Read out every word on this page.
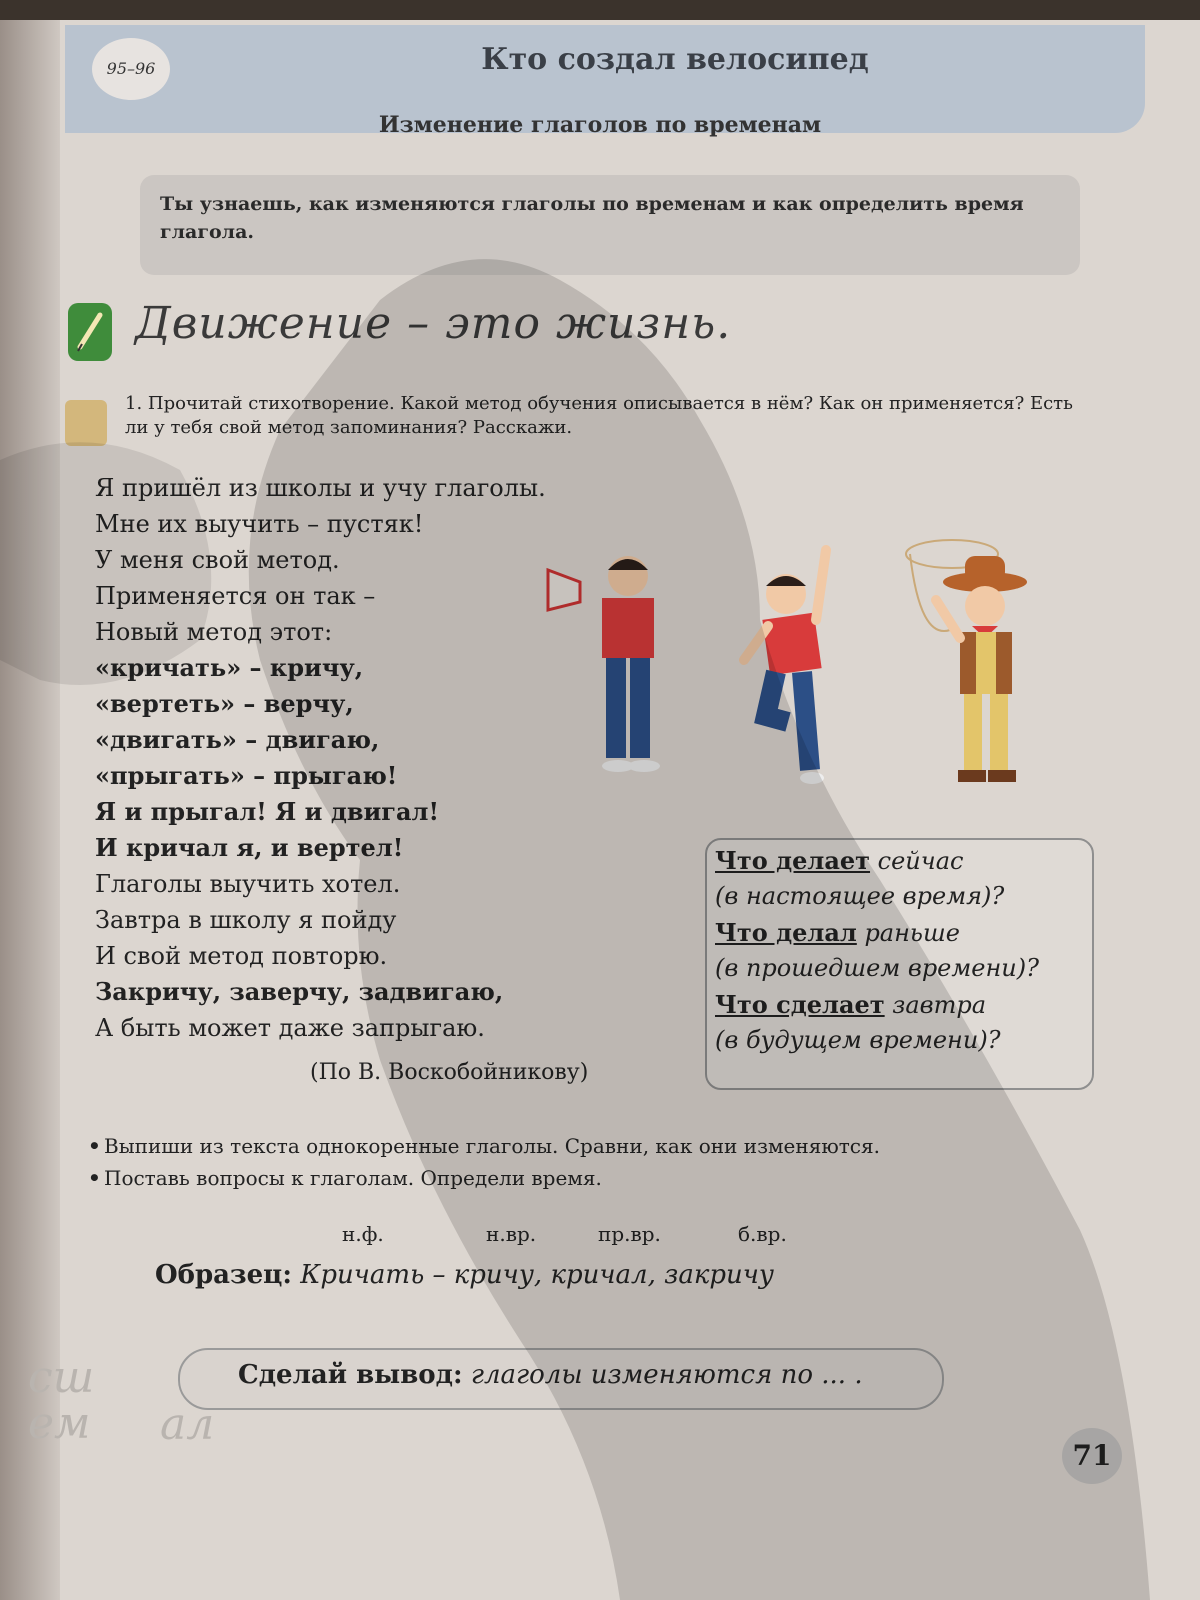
95–96	Кто создал велосипед
Изменение глаголов по временам
Ты узнаешь, как изменяются глаголы по временам и как определить время глагола.
Движение – это жизнь.
1. Прочитай стихотворение. Какой метод обучения описывается в нём? Как он применяется? Есть ли у тебя свой метод запоминания? Расскажи.
Я пришёл из школы и учу глаголы.
Мне их выучить – пустяк!
У меня свой метод.
Применяется он так –
Новый метод этот:
«кричать» – кричу,
«вертеть» – верчу,
«двигать» – двигаю,
«прыгать» – прыгаю!
Я и прыгал! Я и двигал!
И кричал я, и вертел!
Глаголы выучить хотел.
Завтра в школу я пойду
И свой метод повторю.
Закричу, заверчу, задвигаю,
А быть может даже запрыгаю.
(По В. Воскобойникову)
Что делает сейчас
(в настоящее время)?
Что делал раньше
(в прошедшем времени)?
Что сделает завтра
(в будущем времени)?
• Выпиши из текста однокоренные глаголы. Сравни, как они изменяются.
• Поставь вопросы к глаголам. Определи время.
н.ф.	н.вр.	пр.вр.	б.вр.
Образец: Кричать – кричу, кричал, закричу
Сделай вывод: глаголы изменяются по ... .
сш
ем ал
71
